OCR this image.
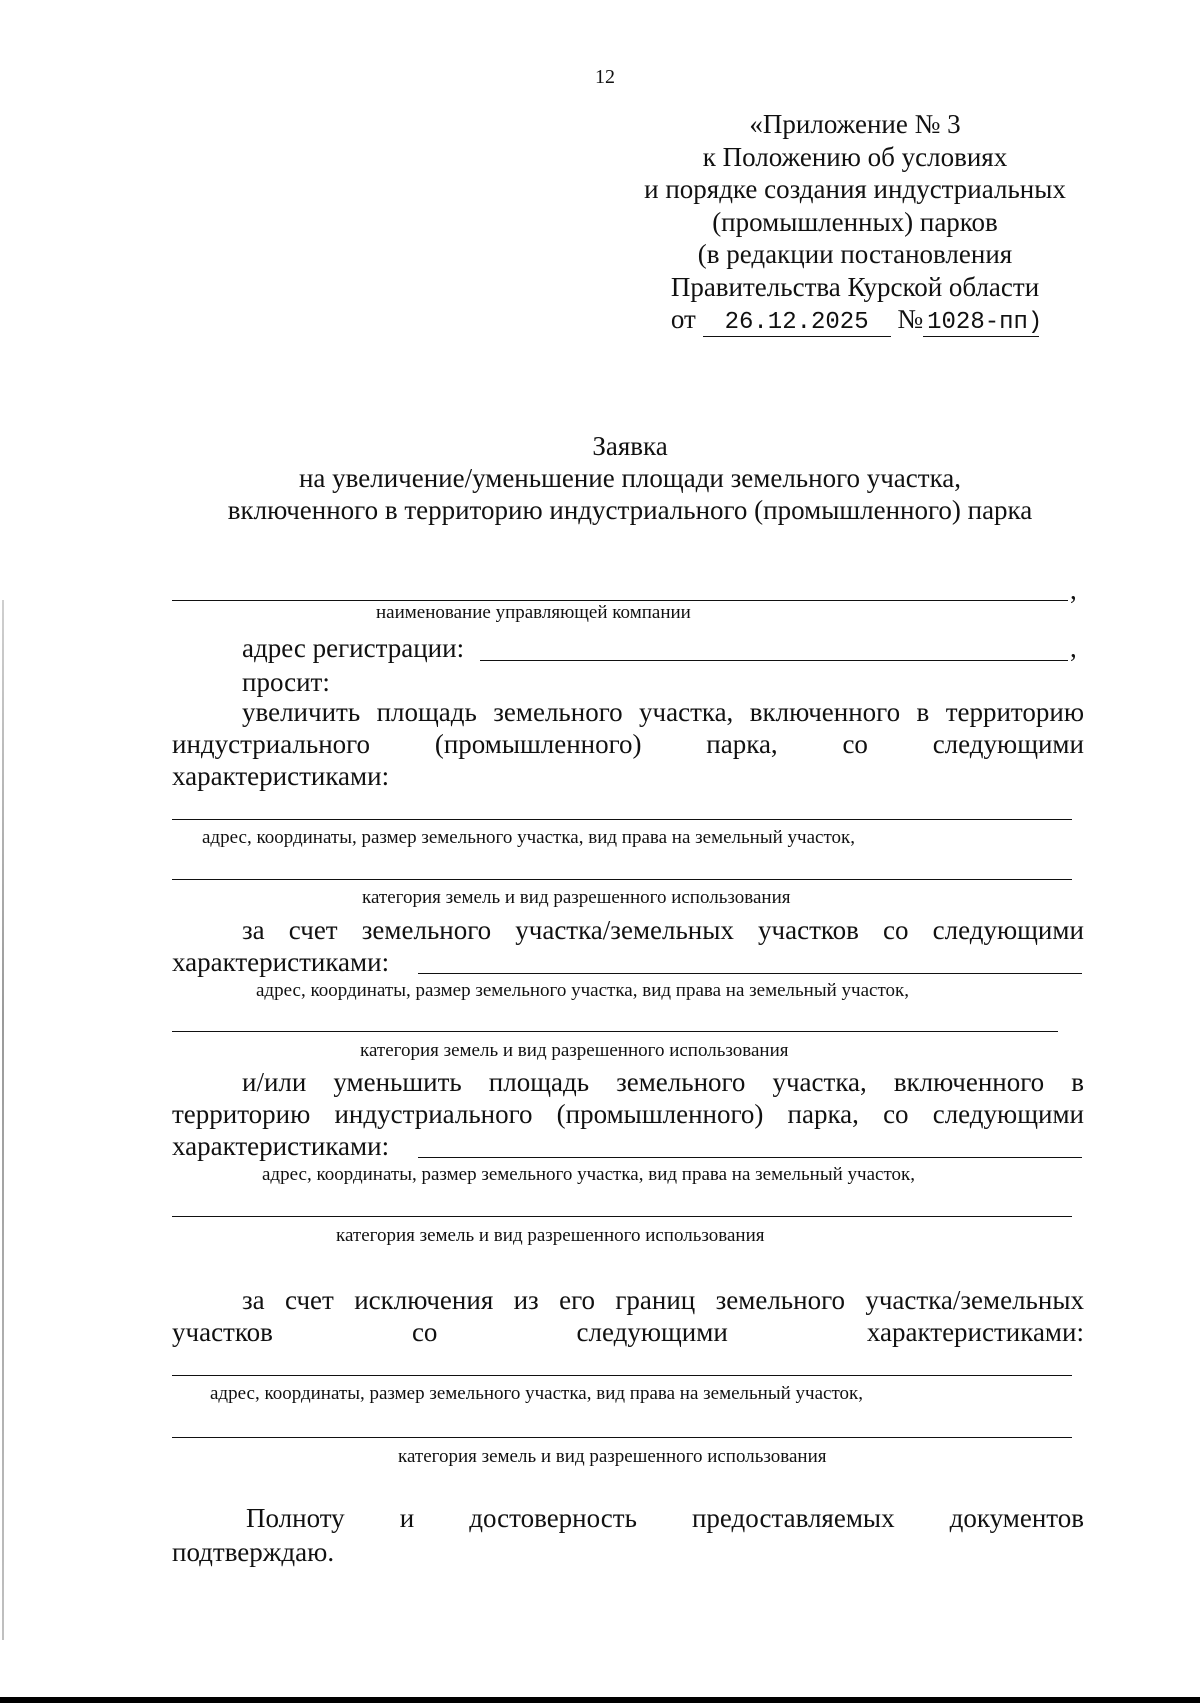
12
«Приложение № 3
к Положению об условиях
и порядке создания индустриальных
(промышленных) парков
(в редакции постановления
Правительства Курской области
от 26.12.2025 № 1028-пп)
Заявка
на увеличение/уменьшение площади земельного участка,
включенного в территорию индустриального (промышленного) парка
,
наименование управляющей компании
адрес регистрации:	,
просит:
увеличить площадь земельного участка, включенного в территорию
индустриального (промышленного) парка, со следующими
характеристиками:
адрес, координаты, размер земельного участка, вид права на земельный участок,
категория земель и вид разрешенного использования
за счет земельного участка/земельных участков со следующими
характеристиками:
адрес, координаты, размер земельного участка, вид права на земельный участок,
категория земель и вид разрешенного использования
и/или уменьшить площадь земельного участка, включенного в
территорию индустриального (промышленного) парка, со следующими
характеристиками:
адрес, координаты, размер земельного участка, вид права на земельный участок,
категория земель и вид разрешенного использования
за счет исключения из его границ земельного участка/земельных
участков	со	следующими	характеристиками:
адрес, координаты, размер земельного участка, вид права на земельный участок,
категория земель и вид разрешенного использования
Полноту и достоверность предоставляемых документов
подтверждаю.
